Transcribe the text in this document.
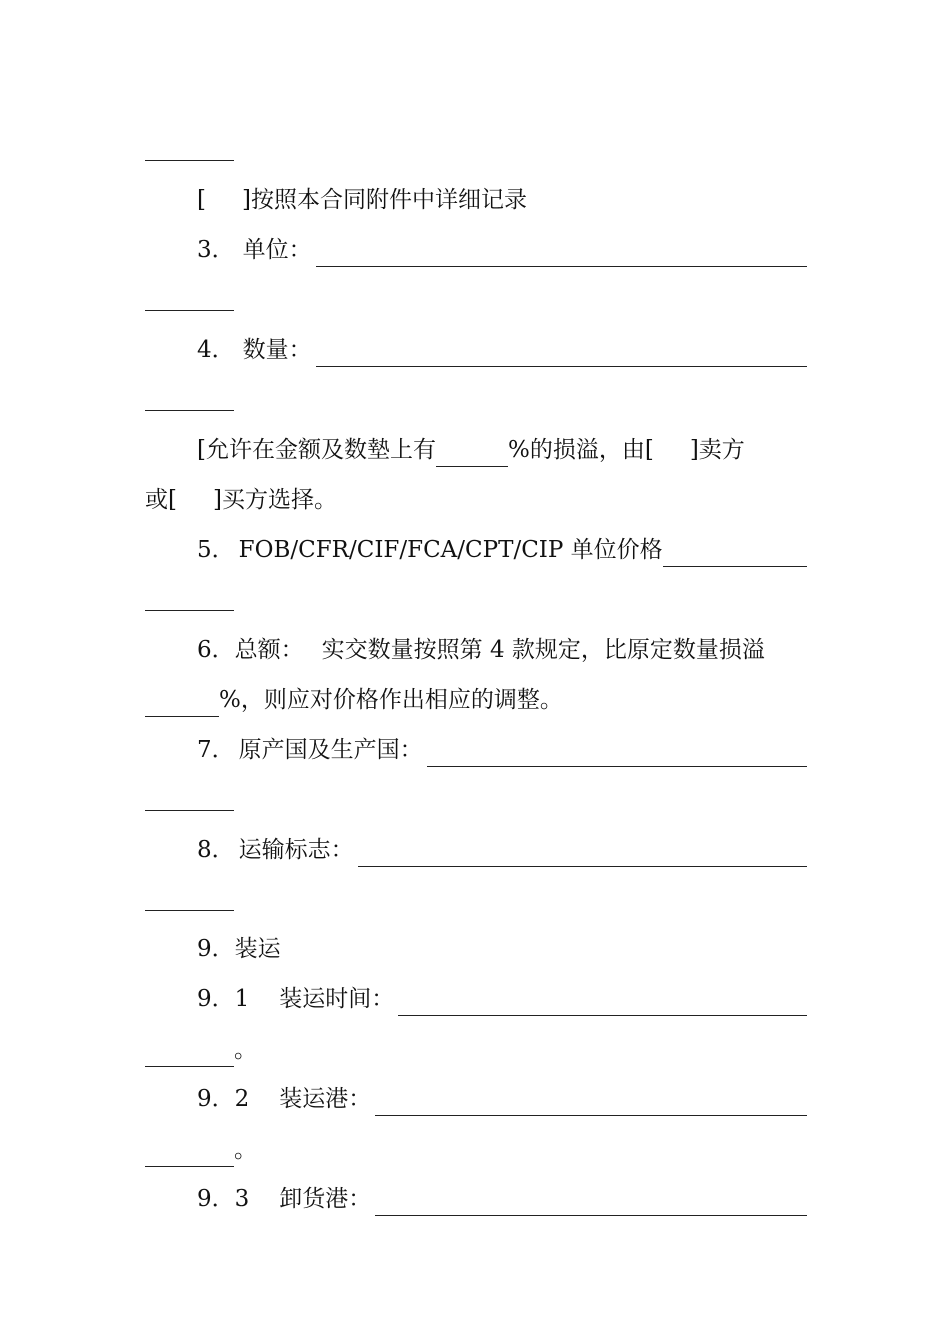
[ ]按照本合同附件中详细记录
3． 单位：
4． 数量：
[允许在金额及数墊上有	%的损溢，由[ ]卖方
或[ ]买方选择。
5． FOB/CFR/CIF/FCA/CPT/CIP 单位价格
6．总额： 实交数量按照第 4 款规定，比原定数量损溢
%，则应对价格作出相应的调整。
7． 原产国及生产国：
8． 运输标志：
9．装运
9．1 装运时间：
。
9．2 装运港：
。
9．3 卸货港：
